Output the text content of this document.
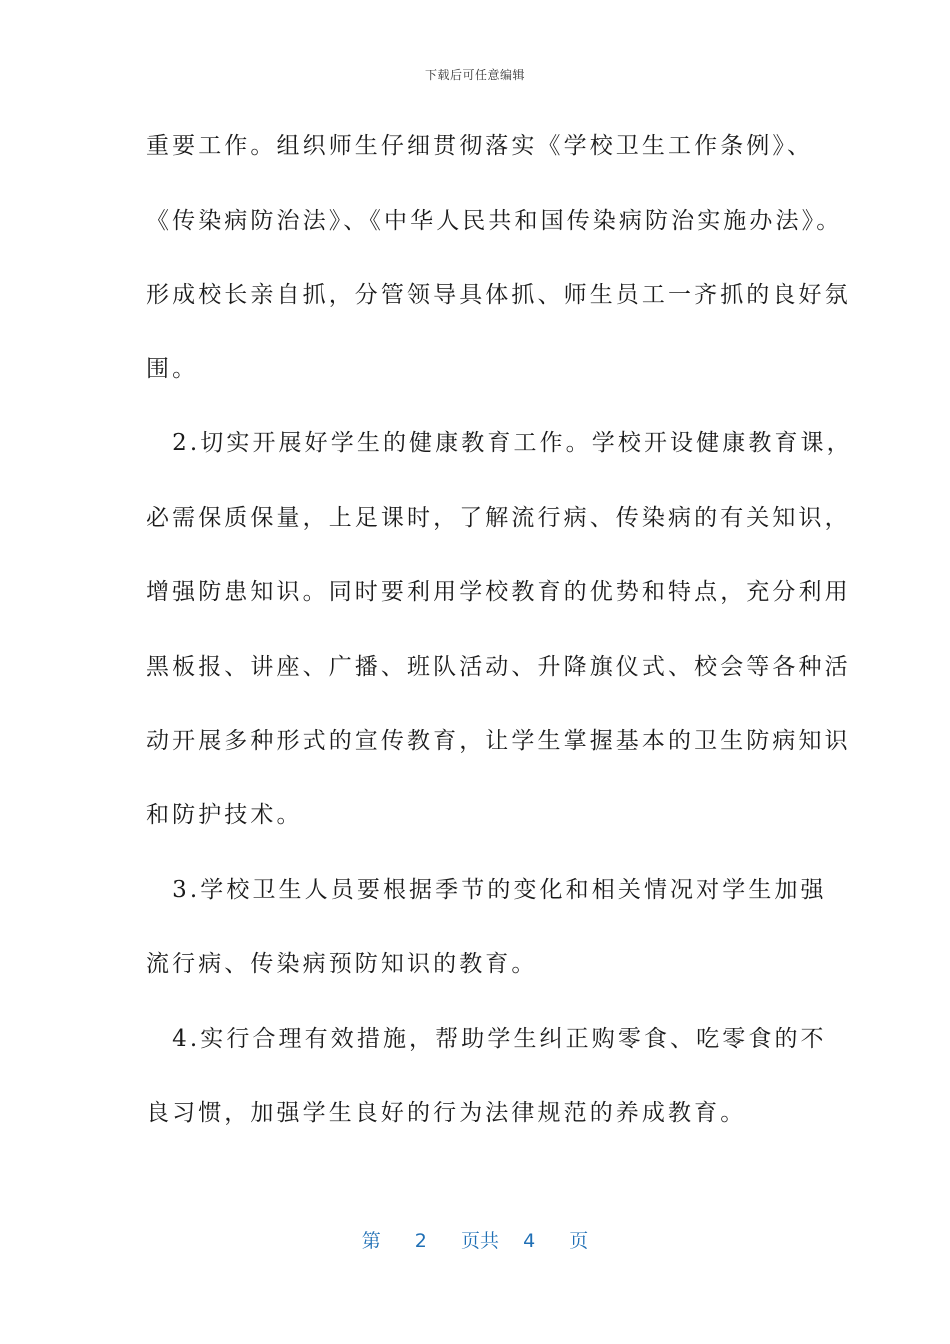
下载后可任意编辑
重要工作。组织师生仔细贯彻落实《学校卫生工作条例》、
《传染病防治法》、《中华人民共和国传染病防治实施办法》。
形成校长亲自抓，分管领导具体抓、师生员工一齐抓的良好氛
围。
　2.切实开展好学生的健康教育工作。学校开设健康教育课，
必需保质保量，上足课时，了解流行病、传染病的有关知识，
增强防患知识。同时要利用学校教育的优势和特点，充分利用
黑板报、讲座、广播、班队活动、升降旗仪式、校会等各种活
动开展多种形式的宣传教育，让学生掌握基本的卫生防病知识
和防护技术。
　3.学校卫生人员要根据季节的变化和相关情况对学生加强
流行病、传染病预防知识的教育。
　4.实行合理有效措施，帮助学生纠正购零食、吃零食的不
良习惯，加强学生良好的行为法律规范的养成教育。
第 2 页共 4 页
